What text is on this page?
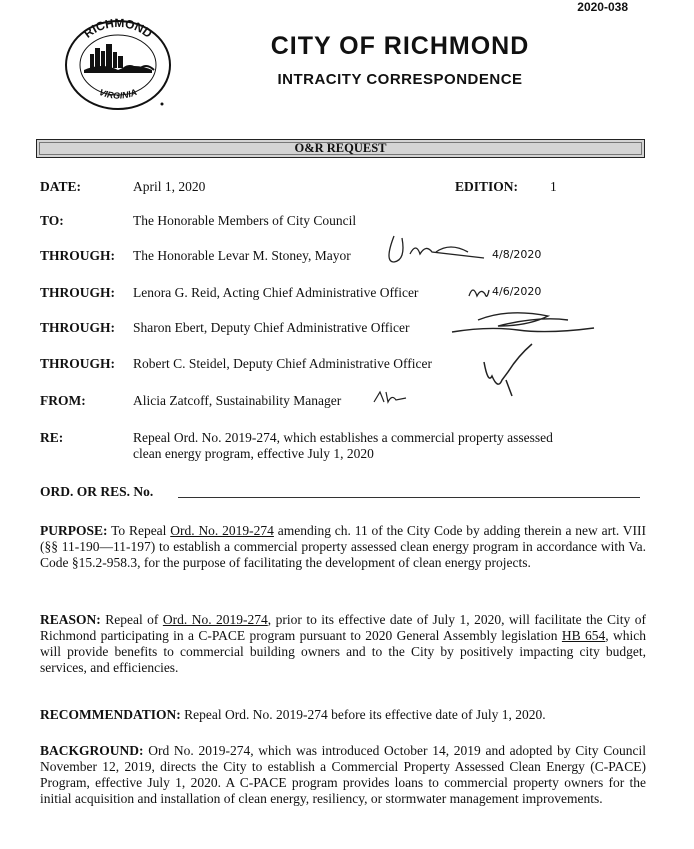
2020-038
RICHMOND
VIRGINIA
CITY OF RICHMOND
INTRACITY CORRESPONDENCE
O&R REQUEST
DATE:	April 1, 2020	EDITION: 1
TO:	The Honorable Members of City Council
THROUGH: The Honorable Levar M. Stoney, Mayor	4/8/2020
THROUGH: Lenora G. Reid, Acting Chief Administrative Officer	4/6/2020
THROUGH: Sharon Ebert, Deputy Chief Administrative Officer
THROUGH: Robert C. Steidel, Deputy Chief Administrative Officer
FROM:	Alicia Zatcoff, Sustainability Manager
RE:	Repeal Ord. No. 2019-274, which establishes a commercial property assessed
clean energy program, effective July 1, 2020
ORD. OR RES. No.

PURPOSE: To Repeal Ord. No. 2019-274 amending ch. 11 of the City Code by adding therein a new art. VIII (§§ 11-190—11-197) to establish a commercial property assessed clean energy program in accordance with Va. Code §15.2-958.3, for the purpose of facilitating the development of clean energy projects.

REASON: Repeal of Ord. No. 2019-274, prior to its effective date of July 1, 2020, will facilitate the City of Richmond participating in a C-PACE program pursuant to 2020 General Assembly legislation HB 654, which will provide benefits to commercial building owners and to the City by positively impacting city budget, services, and efficiencies.

RECOMMENDATION: Repeal Ord. No. 2019-274 before its effective date of July 1, 2020.

BACKGROUND: Ord No. 2019-274, which was introduced October 14, 2019 and adopted by City Council November 12, 2019, directs the City to establish a Commercial Property Assessed Clean Energy (C-PACE) Program, effective July 1, 2020. A C-PACE program provides loans to commercial property owners for the initial acquisition and installation of clean energy, resiliency, or stormwater management improvements.
